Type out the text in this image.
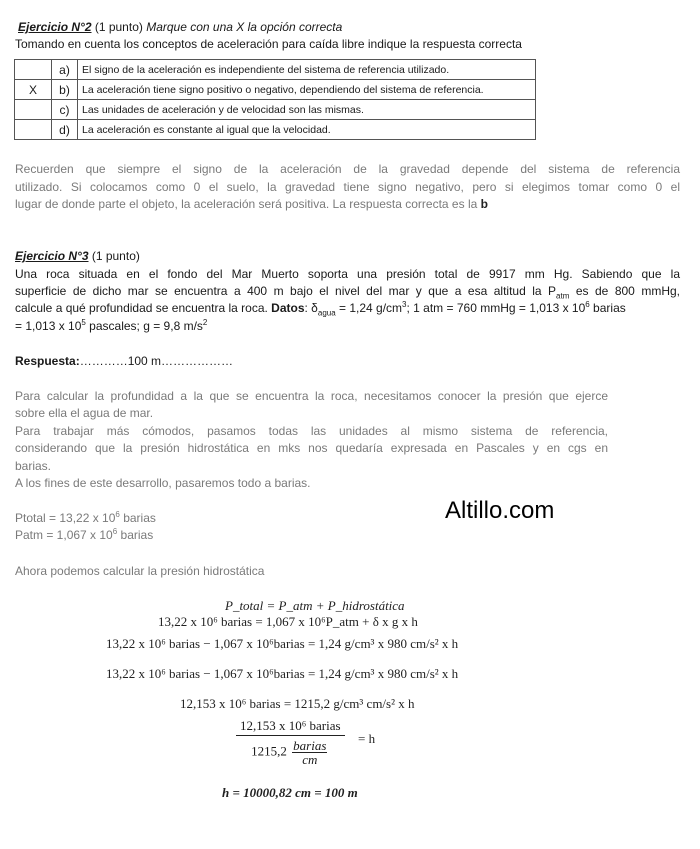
Ejercicio N°2 (1 punto) Marque con una X la opción correcta
Tomando en cuenta los conceptos de aceleración para caída libre indique la respuesta correcta
	a)	El signo de la aceleración es independiente del sistema de referencia utilizado.
X	b)	La aceleración tiene signo positivo o negativo, dependiendo del sistema de referencia.
	c)	Las unidades de aceleración y de velocidad son las mismas.
	d)	La aceleración es constante al igual que la velocidad.
Recuerden que siempre el signo de la aceleración de la gravedad depende del sistema de referencia
utilizado. Si colocamos como 0 el suelo, la gravedad tiene signo negativo, pero si elegimos tomar como 0 el
lugar de donde parte el objeto, la aceleración será positiva. La respuesta correcta es la b
Ejercicio N°3 (1 punto)
Una roca situada en el fondo del Mar Muerto soporta una presión total de 9917 mm Hg. Sabiendo que la
superficie de dicho mar se encuentra a 400 m bajo el nivel del mar y que a esa altitud la $P_{atm}$ es de 800 mmHg,
calcule a qué profundidad se encuentra la roca. Datos: $\delta_{agua} = 1,24$ $g/cm^3$; 1 atm = 760 mmHg = 1,013 x $10^6$ barias
= 1,013 x $10^5$ pascales; g = 9,8 $m/s^2$
Respuesta:…………100 m………………
Para calcular la profundidad a la que se encuentra la roca, necesitamos conocer la presión que ejerce
sobre ella el agua de mar.
Para trabajar más cómodos, pasamos todas las unidades al mismo sistema de referencia,
considerando que la presión hidrostática en mks nos quedaría expresada en Pascales y en cgs en
barias.
A los fines de este desarrollo, pasaremos todo a barias.
Ptotal = 13,22 x $10^6$ barias
Patm = 1,067 x $10^6$ barias
Altillo.com
Ahora podemos calcular la presión hidrostática
P_total = P_atm + P_hidrostática
13,22 x 10⁶ barias = 1,067 x 10⁶P_atm + δ x g x h
13,22 x 10⁶ barias − 1,067 x 10⁶barias = 1,24 g/cm³ x 980 cm/s² x h
13,22 x 10⁶ barias − 1,067 x 10⁶barias = 1,24 g/cm³ x 980 cm/s² x h
12,153 x 10⁶ barias = 1215,2 g/cm³ cm/s² x h
12,153 x 10⁶ barias
$1215,2 \frac{\text{barias}}{cm}$
= h
h = 10000,82 cm = 100 m
